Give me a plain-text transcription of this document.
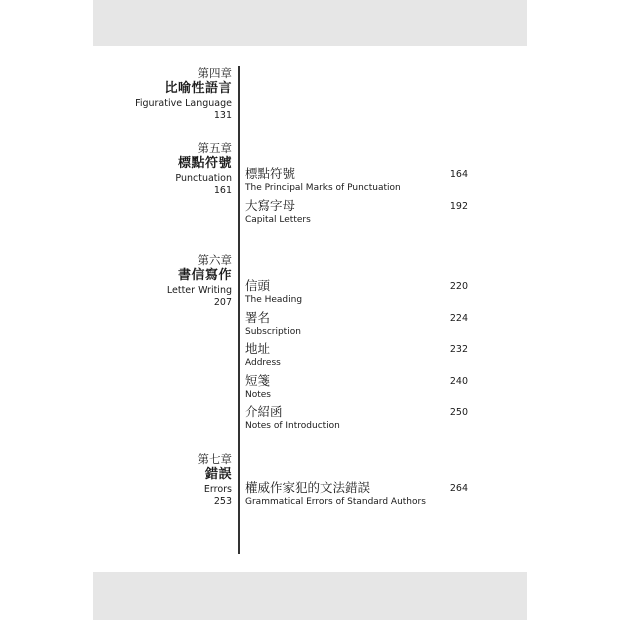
第四章
比喻性語言
Figurative Language
131
第五章
標點符號
Punctuation
161
標點符號
The Principal Marks of Punctuation
164
大寫字母
Capital Letters
192
第六章
書信寫作
Letter Writing
207
信頭
The Heading
220
署名
Subscription
224
地址
Address
232
短箋
Notes
240
介紹函
Notes of Introduction
250
第七章
錯誤
Errors
253
權威作家犯的文法錯誤
Grammatical Errors of Standard Authors
264
